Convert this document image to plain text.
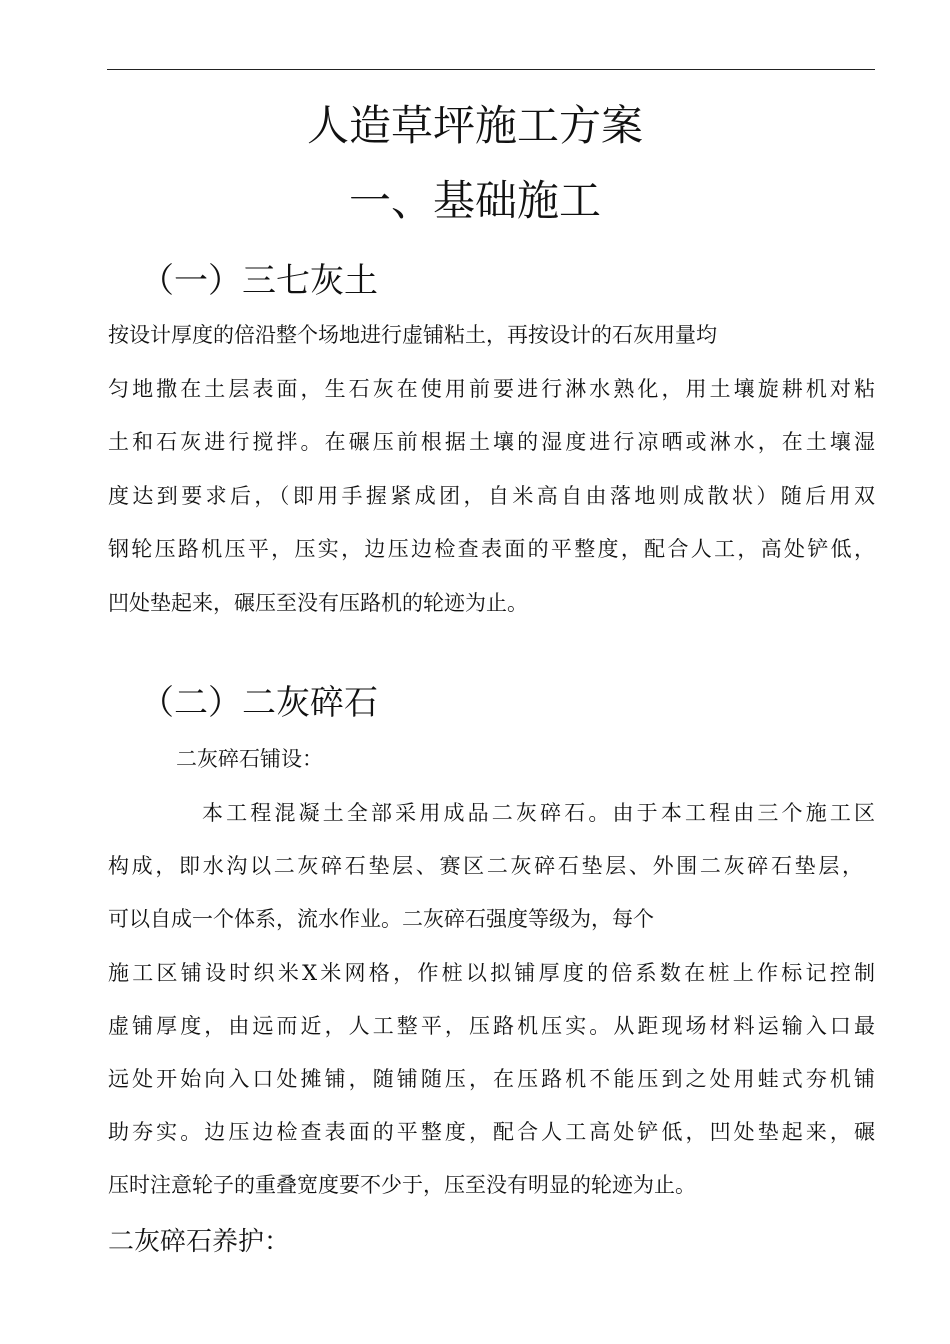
人造草坪施工方案
一、基础施工
（一）三七灰土
按设计厚度的倍沿整个场地进行虚铺粘土，再按设计的石灰用量均
匀地撒在土层表面，生石灰在使用前要进行淋水熟化，用土壤旋耕机对粘
土和石灰进行搅拌。在碾压前根据土壤的湿度进行凉晒或淋水，在土壤湿
度达到要求后，（即用手握紧成团，自米高自由落地则成散状）随后用双
钢轮压路机压平，压实，边压边检查表面的平整度，配合人工，高处铲低，
凹处垫起来，碾压至没有压路机的轮迹为止。
（二）二灰碎石
二灰碎石铺设：
本工程混凝土全部采用成品二灰碎石。由于本工程由三个施工区
构成，即水沟以二灰碎石垫层、赛区二灰碎石垫层、外围二灰碎石垫层，
可以自成一个体系，流水作业。二灰碎石强度等级为，每个
施工区铺设时织米X米网格，作桩以拟铺厚度的倍系数在桩上作标记控制
虚铺厚度，由远而近，人工整平，压路机压实。从距现场材料运输入口最
远处开始向入口处摊铺，随铺随压，在压路机不能压到之处用蛙式夯机铺
助夯实。边压边检查表面的平整度，配合人工高处铲低，凹处垫起来，碾
压时注意轮子的重叠宽度要不少于，压至没有明显的轮迹为止。
二灰碎石养护：
